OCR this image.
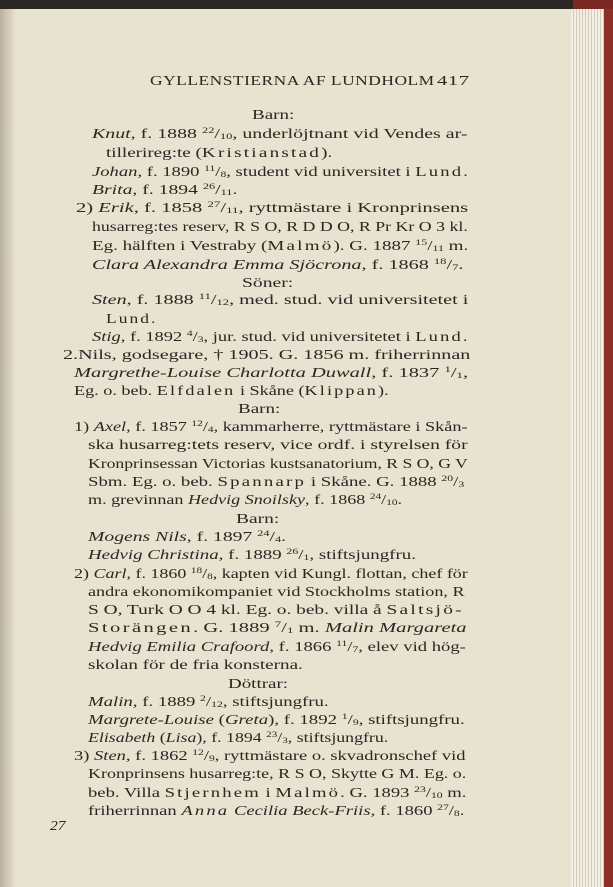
GYLLENSTIERNA AF LUNDHOLM 417
Barn:
Knut, f. 1888 $^{22}/_{10}$, underlöjtnant vid Vendes ar-
tillerireg:te (Kristianstad).
Johan, f. 1890 $^{11}/_8$, student vid universitet i Lund.
Brita, f. 1894 $^{26}/_{11}$.
2) Erik, f. 1858 $^{27}/_{11}$, ryttmästare i Kronprinsens
husarreg:tes reserv, R S O, R D D O, R Pr Kr O 3 kl.
Eg. hälften i Vestraby (Malmö). G. 1887 $^{15}/_{11}$ m.
Clara Alexandra Emma Sjöcrona, f. 1868 $^{18}/_7$.
Söner:
Sten, f. 1888 $^{11}/_{12}$, med. stud. vid universitetet i
Lund.
Stig, f. 1892 $^4/_3$, jur. stud. vid universitetet i Lund.
2.Nils, godsegare, † 1905. G. 1856 m. friherrinnan
Margrethe-Louise Charlotta Duwall, f. 1837 $^1/_1$,
Eg. o. beb. Elfdalen i Skåne (Klippan).
Barn:
1) Axel, f. 1857 $^{12}/_4$, kammarherre, ryttmästare i Skån-
ska husarreg:tets reserv, vice ordf. i styrelsen för
Kronprinsessan Victorias kustsanatorium, R S O, G V
Sbm. Eg. o. beb. Spannarp i Skåne. G. 1888 $^{20}/_3$
m. grevinnan Hedvig Snoilsky, f. 1868 $^{24}/_{10}$.
Barn:
Mogens Nils, f. 1897 $^{24}/_4$.
Hedvig Christina, f. 1889 $^{26}/_1$, stiftsjungfru.
2) Carl, f. 1860 $^{18}/_8$, kapten vid Kungl. flottan, chef för
andra ekonomikompaniet vid Stockholms station, R
S O, Turk O O 4 kl. Eg. o. beb. villa å Saltsjö-
Storängen. G. 1889 $^7/_1$ m. Malin Margareta
Hedvig Emilia Crafoord, f. 1866 $^{11}/_7$, elev vid hög-
skolan för de fria konsterna.
Döttrar:
Malin, f. 1889 $^2/_{12}$, stiftsjungfru.
Margrete-Louise (Greta), f. 1892 $^1/_9$, stiftsjungfru.
Elisabeth (Lisa), f. 1894 $^{23}/_3$, stiftsjungfru.
3) Sten, f. 1862 $^{12}/_9$, ryttmästare o. skvadronschef vid
Kronprinsens husarreg:te, R S O, Skytte G M. Eg. o.
beb. Villa Stjernhem i Malmö. G. 1893 $^{23}/_{10}$ m.
friherrinnan Anna Cecilia Beck-Friis, f. 1860 $^{27}/_8$.
27
